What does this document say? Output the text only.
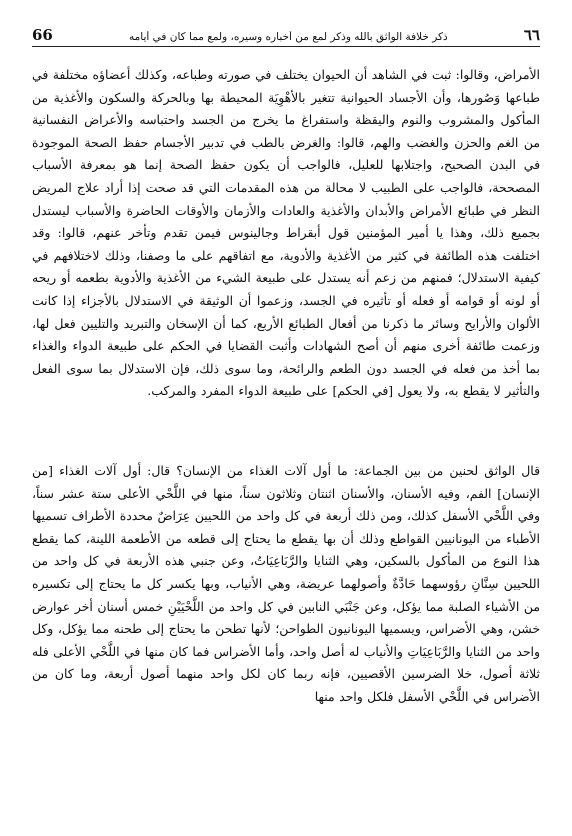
٦٦
ذكر خلافة الواثق بالله وذكر لمع من أخباره وسيره، ولمع مما كان في أيامه
66

الأمراض، وقالوا: ثبت في الشاهد أن الحيوان يختلف في صورته وطباعه، وكذلك أعضاؤه مختلفة في طباعها وَصُورها، وأن الأجساد الحيوانية تتغير بالأهْوِيَة المحيطة بها وبالحركة والسكون والأغذية من المأكول والمشروب والنوم واليقظة واستفراغ ما يخرج من الجسد واحتباسه والأعراض النفسانية من الغم والحزن والغضب والهم، قالوا: والغرض بالطب في تدبير الأجسام حفظ الصحة الموجودة في البدن الصحيح، واجتلابها للعليل، فالواجب أن يكون حفظ الصحة إنما هو بمعرفة الأسباب المصححة، فالواجب على الطبيب لا محالة من هذه المقدمات التي قد صحت إذا أراد علاج المريض النظر في طبائع الأمراض والأبدان والأغذية والعادات والأزمان والأوقات الحاضرة والأسباب ليستدل بجميع ذلك، وهذا يا أمير المؤمنين قول أبقراط وجالينوس فيمن تقدم وتأخر عنهم، قالوا: وقد اختلفت هذه الطائفة في كثير من الأغذية والأدوية، مع اتفاقهم على ما وصفنا، وذلك لاختلافهم في كيفية الاستدلال؛ فمنهم من زعم أنه يستدل على طبيعة الشيء من الأغذية والأدوية بطعمه أو ريحه أو لونه أو قوامه أو فعله أو تأثيره في الجسد، وزعموا أن الوثيقة في الاستدلال بالأجزاء إذا كانت الألوان والأرايح وسائر ما ذكرنا من أفعال الطبائع الأربع، كما أن الإسخان والتبريد والتليين فعل لها، وزعمت طائفة أخرى منهم أن أصح الشهادات وأثبت القضايا في الحكم على طبيعة الدواء والغذاء بما أخذ من فعله في الجسد دون الطعم والرائحة، وما سوى ذلك، فإن الاستدلال بما سوى الفعل والتأثير لا يقطع به، ولا يعول [في الحكم] على طبيعة الدواء المفرد والمركب.

قال الواثق لحنين من بين الجماعة: ما أول آلات الغذاء من الإنسان؟ قال: أول آلات الغذاء [من الإنسان] الفم، وفيه الأسنان، والأسنان اثنتان وثلاثون سناً، منها في اللَّحْي الأعلى ستة عشر سناً، وفي اللَّحْي الأسفل كذلك، ومن ذلك أربعة في كل واحد من اللحيين عِرَاضٌ محددة الأطراف تسميها الأطباء من اليونانيين القواطع وذلك أن بها يقطع ما يحتاج إلى قطعه من الأطعمة اللينة، كما يقطع هذا النوع من المأكول بالسكين، وهي الثنايا والرَّبَاعِيَاتُ، وعن جنبي هذه الأربعة في كل واحد من اللحيين سِنَّانِ رؤوسهما حَادَّةٌ وأصولهما عريضة، وهي الأنياب، وبها يكسر كل ما يحتاج إلى تكسيره من الأشياء الصلبة مما يؤكل، وعن جَنْبَي النابين في كل واحد من اللَّحْيَيْنِ خمس أسنان أخر عوارض خشن، وهي الأضراس، ويسميها اليونانيون الطواحن؛ لأنها تطحن ما يحتاج إلى طحنه مما يؤكل، وكل واحد من الثنايا والرَّبَاعِيَاتِ والأنياب له أصل واحد، وأما الأضراس فما كان منها في اللَّحْي الأعلى فله ثلاثة أصول، خلا الضرسين الأقصيين، فإنه ربما كان لكل واحد منهما أصول أربعة، وما كان من الأضراس في اللَّحْي الأسفل فلكل واحد منها
